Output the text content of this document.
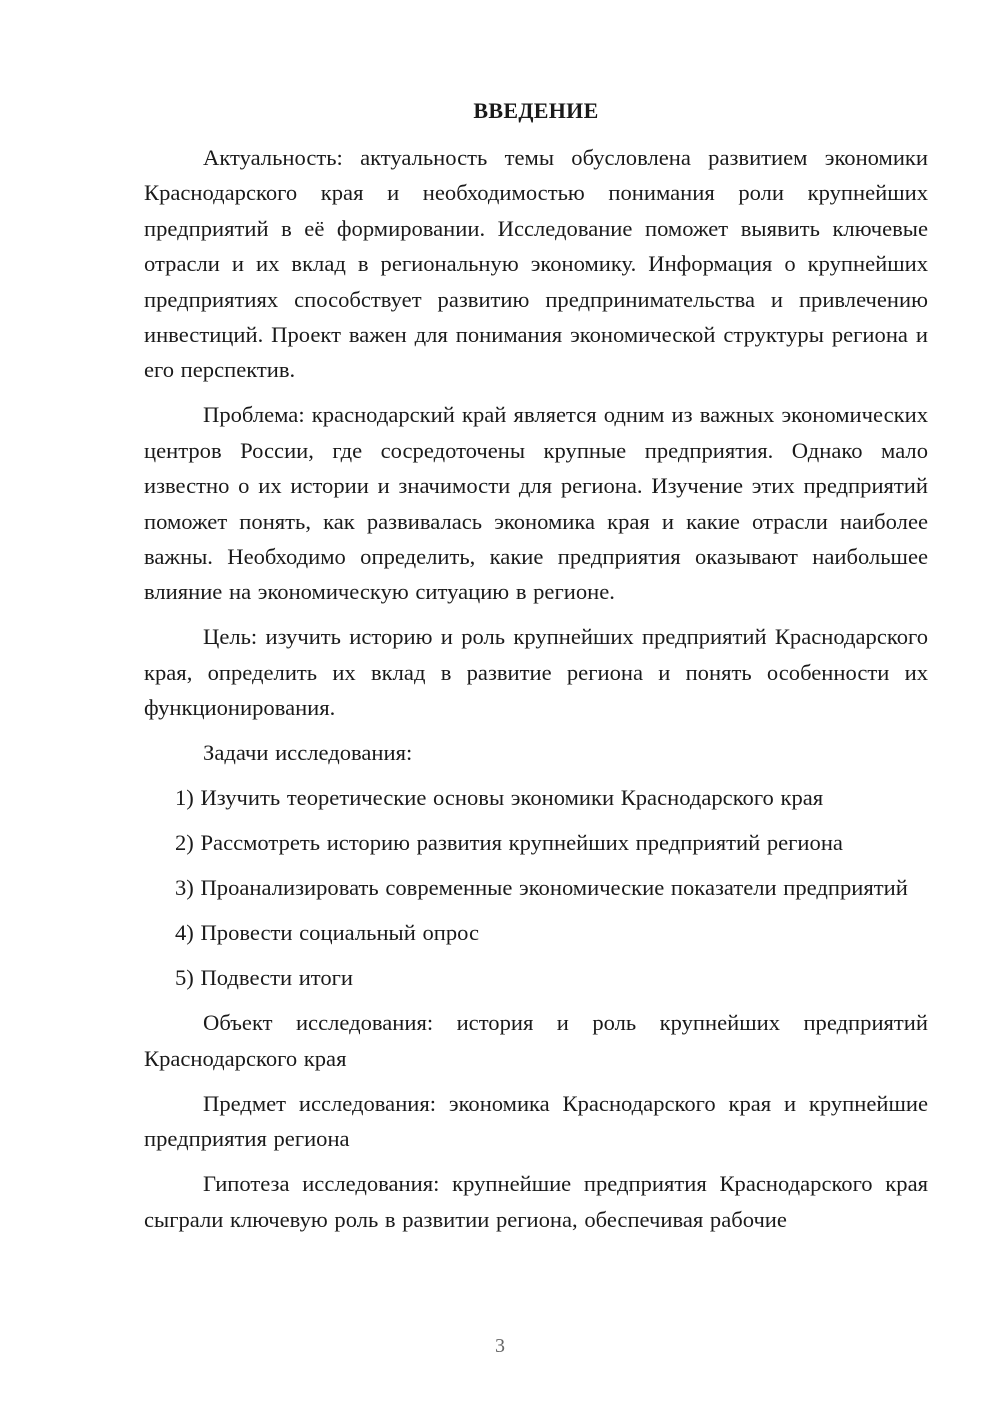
ВВЕДЕНИЕ

Актуальность: актуальность темы обусловлена развитием экономики Краснодарского края и необходимостью понимания роли крупнейших предприятий в её формировании. Исследование поможет выявить ключевые отрасли и их вклад в региональную экономику. Информация о крупнейших предприятиях способствует развитию предпринимательства и привлечению инвестиций. Проект важен для понимания экономической структуры региона и его перспектив.

Проблема: краснодарский край является одним из важных экономических центров России, где сосредоточены крупные предприятия. Однако мало известно о их истории и значимости для региона. Изучение этих предприятий поможет понять, как развивалась экономика края и какие отрасли наиболее важны. Необходимо определить, какие предприятия оказывают наибольшее влияние на экономическую ситуацию в регионе.

Цель: изучить историю и роль крупнейших предприятий Краснодарского края, определить их вклад в развитие региона и понять особенности их функционирования.

Задачи исследования:

1) Изучить теоретические основы экономики Краснодарского края

2) Рассмотреть историю развития крупнейших предприятий региона

3) Проанализировать современные экономические показатели предприятий

4) Провести социальный опрос

5) Подвести итоги

Объект исследования: история и роль крупнейших предприятий Краснодарского края

Предмет исследования: экономика Краснодарского края и крупнейшие предприятия региона

Гипотеза исследования: крупнейшие предприятия Краснодарского края сыграли ключевую роль в развитии региона, обеспечивая рабочие

3
